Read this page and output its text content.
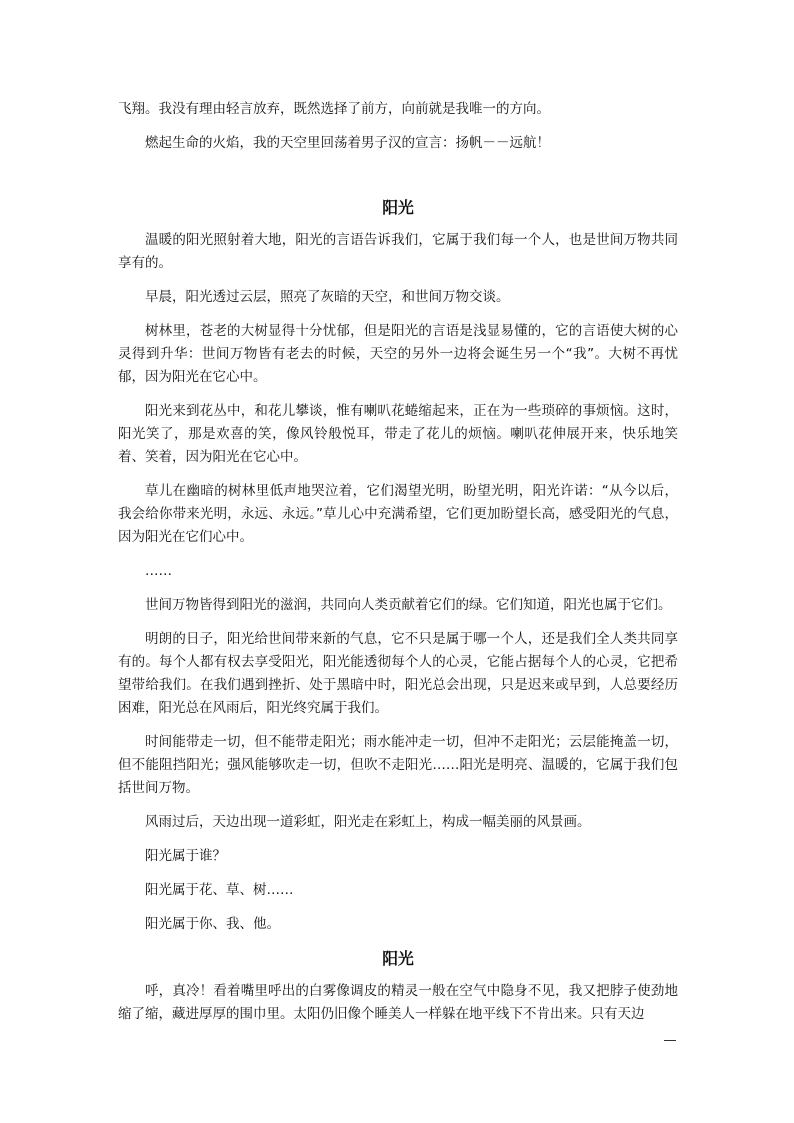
飞翔。我没有理由轻言放弃，既然选择了前方，向前就是我唯一的方向。

燃起生命的火焰，我的天空里回荡着男子汉的宣言：扬帆－－远航！

阳光

温暖的阳光照射着大地，阳光的言语告诉我们，它属于我们每一个人，也是世间万物共同享有的。

早晨，阳光透过云层，照亮了灰暗的天空，和世间万物交谈。

树林里，苍老的大树显得十分忧郁，但是阳光的言语是浅显易懂的，它的言语使大树的心灵得到升华：世间万物皆有老去的时候，天空的另外一边将会诞生另一个“我”。大树不再忧郁，因为阳光在它心中。

阳光来到花丛中，和花儿攀谈，惟有喇叭花蜷缩起来，正在为一些琐碎的事烦恼。这时，阳光笑了，那是欢喜的笑，像风铃般悦耳，带走了花儿的烦恼。喇叭花伸展开来，快乐地笑着、笑着，因为阳光在它心中。

草儿在幽暗的树林里低声地哭泣着，它们渴望光明，盼望光明，阳光许诺：“从今以后，我会给你带来光明，永远、永远。”草儿心中充满希望，它们更加盼望长高，感受阳光的气息，因为阳光在它们心中。

……

世间万物皆得到阳光的滋润，共同向人类贡献着它们的绿。它们知道，阳光也属于它们。

明朗的日子，阳光给世间带来新的气息，它不只是属于哪一个人，还是我们全人类共同享有的。每个人都有权去享受阳光，阳光能透彻每个人的心灵，它能占据每个人的心灵，它把希望带给我们。在我们遇到挫折、处于黑暗中时，阳光总会出现，只是迟来或早到，人总要经历困难，阳光总在风雨后，阳光终究属于我们。

时间能带走一切，但不能带走阳光；雨水能冲走一切，但冲不走阳光；云层能掩盖一切，但不能阻挡阳光；强风能够吹走一切，但吹不走阳光……阳光是明亮、温暖的，它属于我们包括世间万物。

风雨过后，天边出现一道彩虹，阳光走在彩虹上，构成一幅美丽的风景画。

阳光属于谁？

阳光属于花、草、树……

阳光属于你、我、他。

阳光

呼，真冷！看着嘴里呼出的白雾像调皮的精灵一般在空气中隐身不见，我又把脖子使劲地缩了缩，藏进厚厚的围巾里。太阳仍旧像个睡美人一样躲在地平线下不肯出来。只有天边
